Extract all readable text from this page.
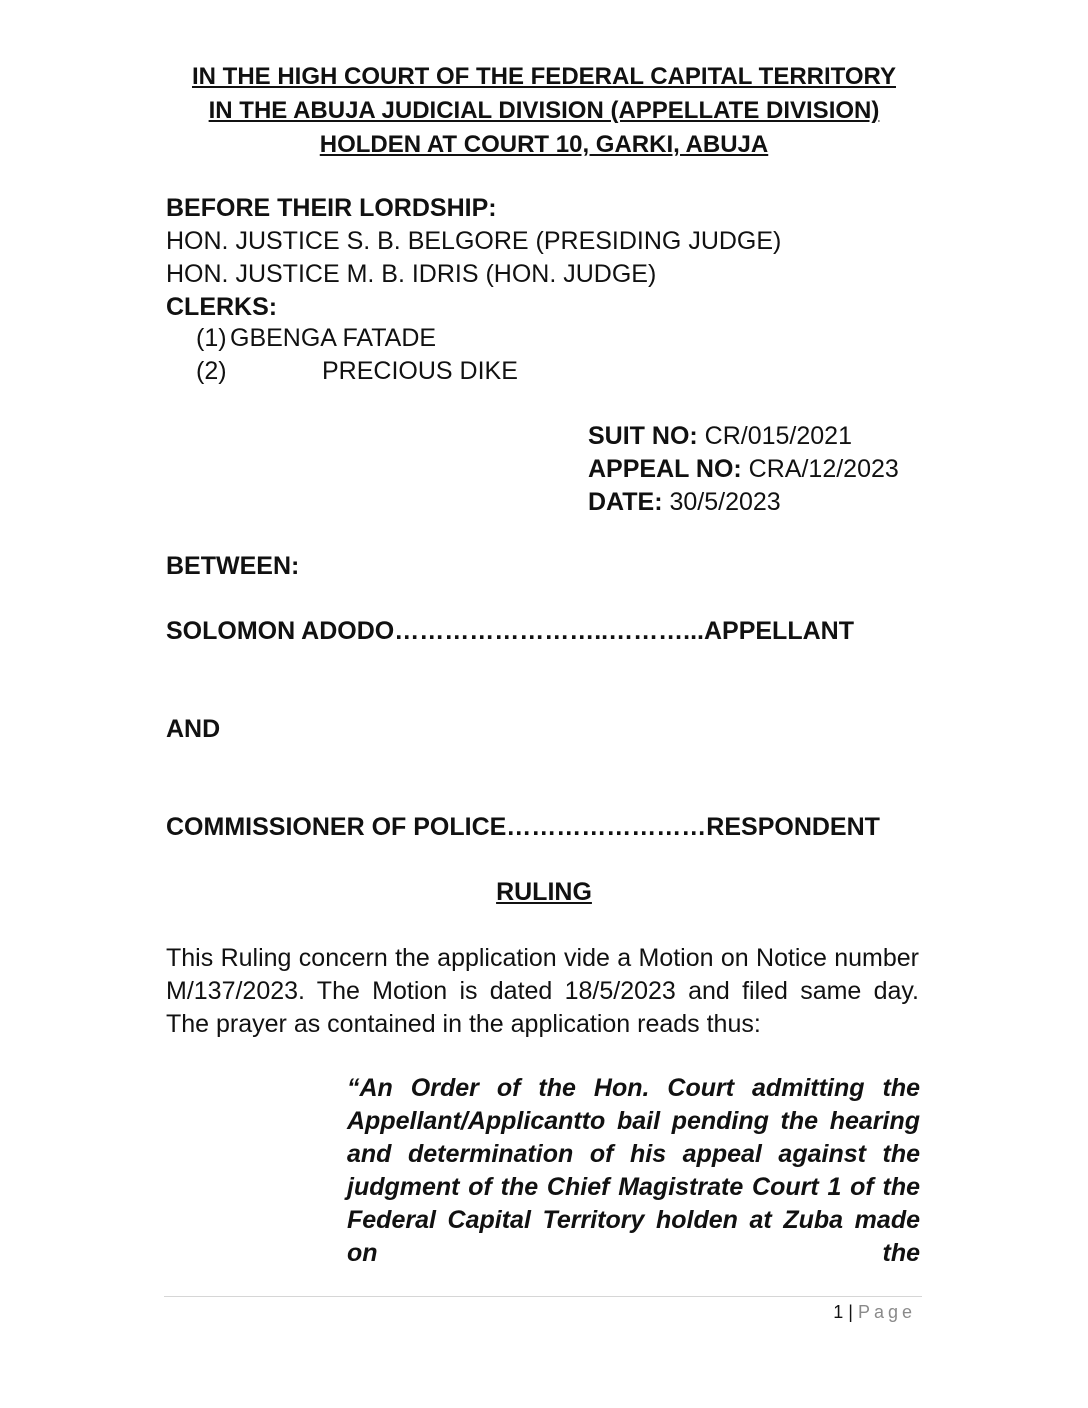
IN THE HIGH COURT OF THE FEDERAL CAPITAL TERRITORY
IN THE ABUJA JUDICIAL DIVISION (APPELLATE DIVISION)
HOLDEN AT COURT 10, GARKI, ABUJA
BEFORE THEIR LORDSHIP:
HON. JUSTICE S. B. BELGORE (PRESIDING JUDGE)
HON. JUSTICE M. B. IDRIS (HON. JUDGE)
CLERKS:
(1) GBENGA FATADE
(2)	PRECIOUS DIKE
SUIT NO: CR/015/2021
APPEAL NO: CRA/12/2023
DATE: 30/5/2023
BETWEEN:
SOLOMON ADODO……………………..………...APPELLANT
AND
COMMISSIONER OF POLICE……………………RESPONDENT
RULING
This Ruling concern the application vide a Motion on Notice number M/137/2023. The Motion is dated 18/5/2023 and filed same day. The prayer as contained in the application reads thus:
“An Order of the Hon. Court admitting the Appellant/Applicantto bail pending the hearing and determination of his appeal against the judgment of the Chief Magistrate Court 1 of the Federal Capital Territory holden at Zuba made on the
1 | Page
